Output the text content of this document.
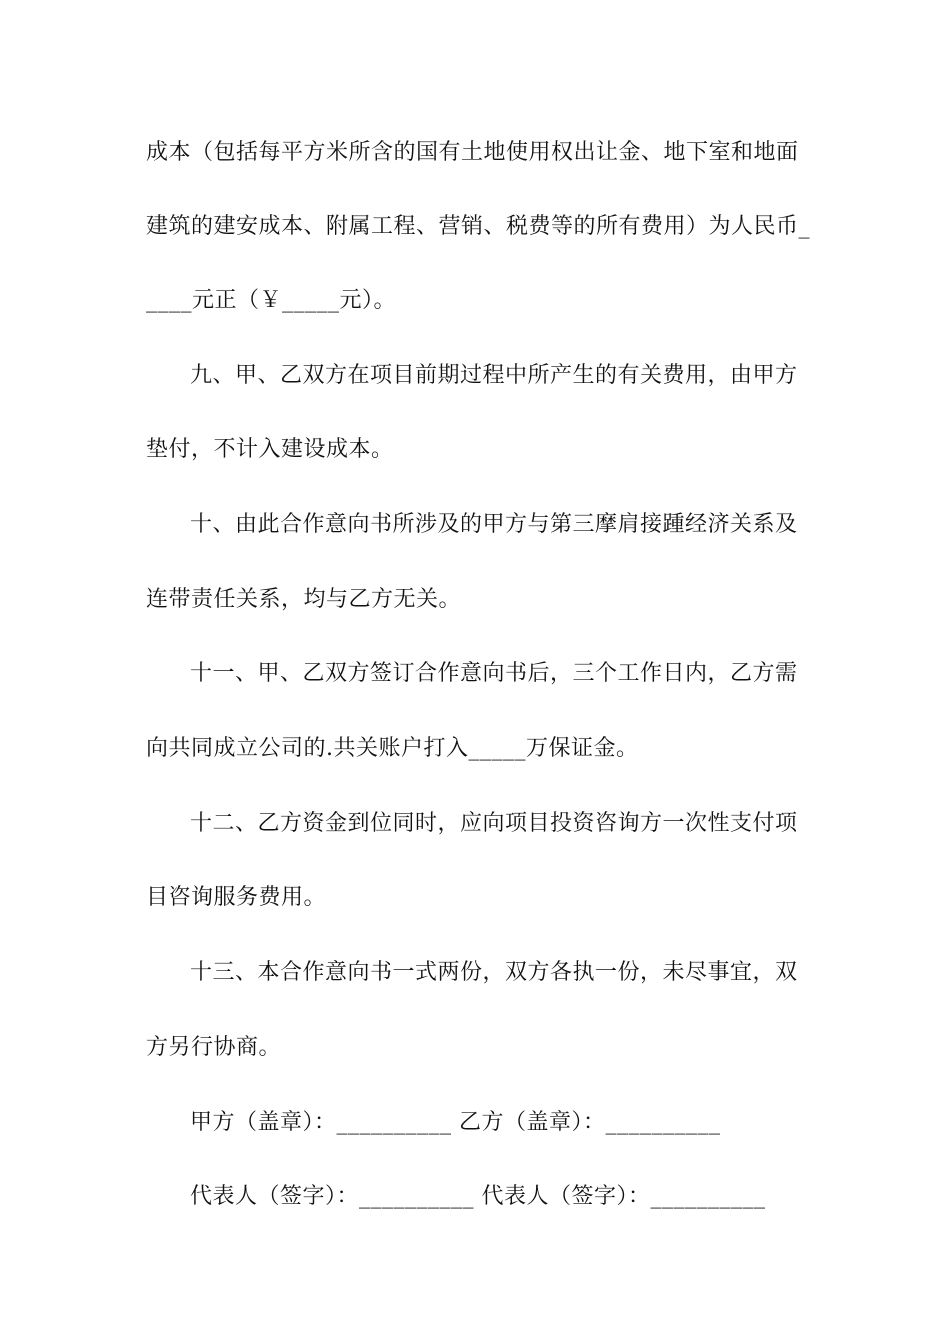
成本（包括每平方米所含的国有土地使用权出让金、地下室和地面
建筑的建安成本、附属工程、营销、税费等的所有费用）为人民币_
____元正（￥_____元）。
九、甲、乙双方在项目前期过程中所产生的有关费用，由甲方
垫付，不计入建设成本。
十、由此合作意向书所涉及的甲方与第三摩肩接踵经济关系及
连带责任关系，均与乙方无关。
十一、甲、乙双方签订合作意向书后，三个工作日内，乙方需
向共同成立公司的.共关账户打入_____万保证金。
十二、乙方资金到位同时，应向项目投资咨询方一次性支付项
目咨询服务费用。
十三、本合作意向书一式两份，双方各执一份，未尽事宜，双
方另行协商。
甲方（盖章）：__________ 乙方（盖章）：__________
代表人（签字）：__________ 代表人（签字）：__________
